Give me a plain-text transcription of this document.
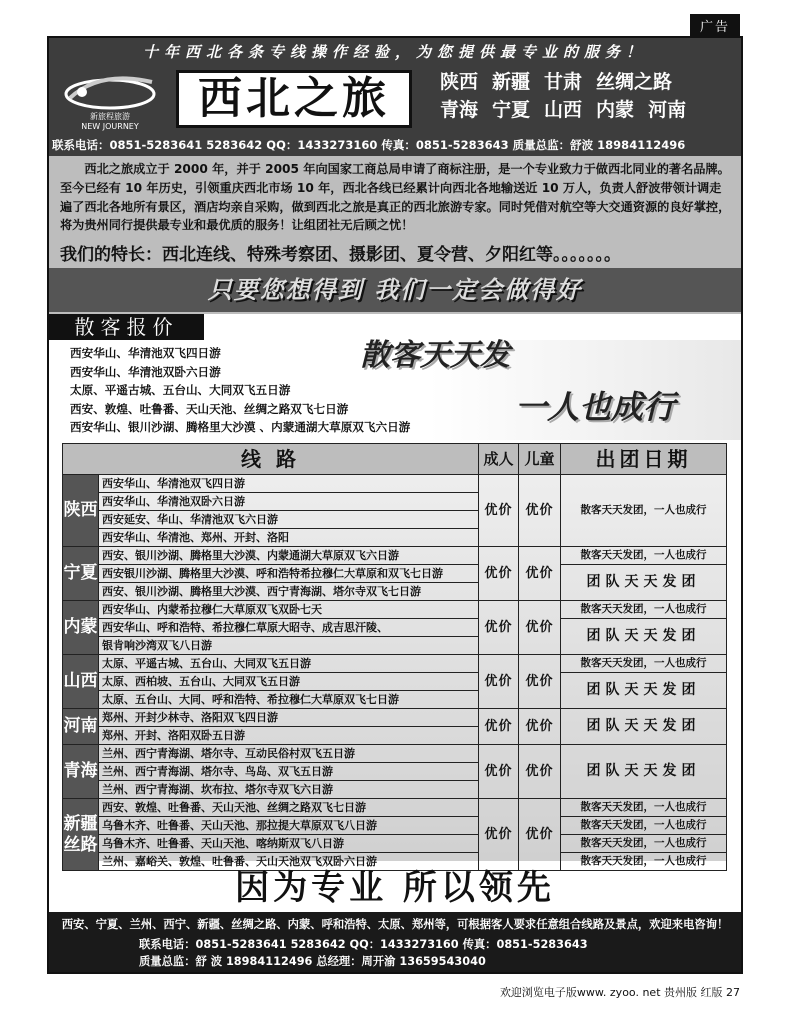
广告
十年西北各条专线操作经验，为您提供最专业的服务！
新旅程旅游
NEW JOURNEY
西北之旅	陕西 新疆 甘肃 丝绸之路
青海 宁夏 山西 内蒙 河南
联系电话：0851-5283641 5283642 QQ：1433273160 传真：0851-5283643 质量总监：舒波 18984112496
西北之旅成立于 2000 年，并于 2005 年向国家工商总局申请了商标注册，是一个专业致力于做西北同业的著名品牌。至今已经有 10 年历史，引领重庆西北市场 10 年，西北各线已经累计向西北各地输送近 10 万人，负责人舒波带领计调走遍了西北各地所有景区，酒店均亲自采购，做到西北之旅是真正的西北旅游专家。同时凭借对航空等大交通资源的良好掌控，将为贵州同行提供最专业和最优质的服务！让组团社无后顾之忧！
我们的特长：西北连线、特殊考察团、摄影团、夏令营、夕阳红等。。。。。。。
只要您想得到 我们一定会做得好
散客报价
西安华山、华清池双飞四日游
西安华山、华清池双卧六日游
太原、平遥古城、五台山、大同双飞五日游
西安、敦煌、吐鲁番、天山天池、丝绸之路双飞七日游
西安华山、银川沙湖、腾格里大沙漠 、内蒙通湖大草原双飞六日游
散客天天发
一人也成行
线 路		成人	儿童	出团日期
陕西	西安华山、华清池双飞四日游	优价	优价	散客天天发团，一人也成行
	西安华山、华清池双卧六日游			
	西安延安、华山、华清池双飞六日游			
	西安华山、华清池、郑州、开封、洛阳			
宁夏	西安、银川沙湖、腾格里大沙漠、内蒙通湖大草原双飞六日游	优价	优价	散客天天发团，一人也成行
	西安银川沙湖、腾格里大沙漠、呼和浩特希拉穆仁大草原和双飞七日游			团队天天发团
	西安、银川沙湖、腾格里大沙漠、西宁青海湖、塔尔寺双飞七日游			
内蒙	西安华山、内蒙希拉穆仁大草原双飞双卧七天	优价	优价	散客天天发团，一人也成行
	西安华山、呼和浩特、希拉穆仁草原大昭寺、成吉思汗陵、			团队天天发团
	银肯响沙湾双飞八日游			
山西	太原、平遥古城、五台山、大同双飞五日游	优价	优价	散客天天发团，一人也成行
	太原、西柏坡、五台山、大同双飞五日游			团队天天发团
	太原、五台山、大同、呼和浩特、希拉穆仁大草原双飞七日游			
河南	郑州、开封少林寺、洛阳双飞四日游	优价	优价	团队天天发团
	郑州、开封、洛阳双卧五日游			
青海	兰州、西宁青海湖、塔尔寺、互动民俗村双飞五日游	优价	优价	团队天天发团
	兰州、西宁青海湖、塔尔寺、鸟岛、双飞五日游			
	兰州、西宁青海湖、坎布拉、塔尔寺双飞六日游			
新疆丝路	西安、敦煌、吐鲁番、天山天池、丝绸之路双飞七日游	优价	优价	散客天天发团，一人也成行
	乌鲁木齐、吐鲁番、天山天池、那拉提大草原双飞八日游			散客天天发团，一人也成行
	乌鲁木齐、吐鲁番、天山天池、喀纳斯双飞八日游			散客天天发团，一人也成行
	兰州、嘉峪关、敦煌、吐鲁番、天山天池双飞双卧六日游			散客天天发团，一人也成行
因为专业 所以领先
西安、宁夏、兰州、西宁、新疆、丝绸之路、内蒙、呼和浩特、太原、郑州等，可根据客人要求任意组合线路及景点，欢迎来电咨询！
联系电话：0851-5283641 5283642 QQ：1433273160 传真：0851-5283643
质量总监：舒 波 18984112496 总经理：周开渝 13659543040
欢迎浏览电子版www. zyoo. net 贵州版 红版 27
